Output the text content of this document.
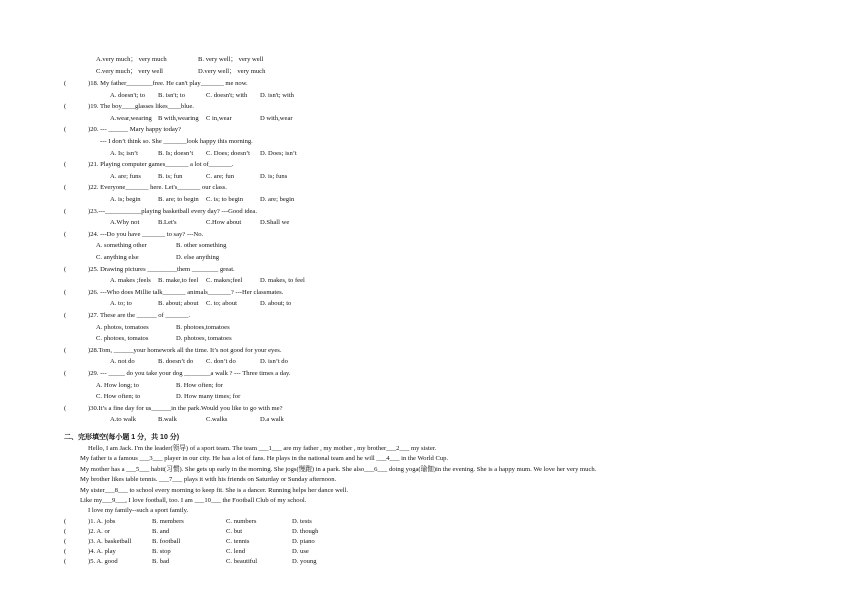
A.very much； very much	B. very well； very well
C.very much； very well	D.very well； very much
(	)18. My father________free. He can't play_______ me now.
A. doesn't; to B. isn't; to	C. doesn't; with D. isn't; with
(	)19. The boy____glasses likes____blue.
A.wear,wearing B with,wearing C in,wear	D with,wear
(	)20. --- ______ Mary happy today?
--- I don’t think so. She _______look happy this morning.
A. Is; isn’t	B. Is; doesn’t C. Does; doesn’t D. Does; isn’t
(	)21. Playing computer games_______ a lot of_______.
A. are; funs	B. is; fun	C. are; fun	D. is; funs
(	)22. Everyone_______ here. Let's_______ our class.
A. is; begin	B. are; to begin C. is; to begin	D. are; begin
(	)23.---___________playing basketball every day? ---Good idea.
A.Why not	B.Let's	C.How about	D.Shall we
(	)24. ---Do you have _______ to say? ---No.
A. something other	B. other something
C. anything else	D. else anything
(	)25. Drawing pictures _________them ________ great.
A. makes ;feels B. make,to feel C. makes;feel	D. makes, to feel
(	)26. ---Who does Millie talk_______ animals_______? ---Her classmates.
A. to; to	B. about; about C. to; about	D. about; to
(	)27. These are the ______ of _______.
A. photos, tomatoes	B. photoes,tomatoes
C. photoes, tomatos	D. photoes, tomatoes
(	)28.Tom, ______your homework all the time. It’s not good for your eyes.
A. not do	B. doesn’t do C. don’t do	D. isn’t do
(	)29. --- _____ do you take your dog ________a walk ? --- Three times a day.
A. How long; to	B. How often; for
C. How often; to	D. How many times; for
(	)30.It’s a fine day for us______in the park.Would you like to go with me?
A.to walk	B.walk	C.walks	D.a walk
二、完形填空(每小题 1 分，共 10 分)
Hello, I am Jack. I'm the leader(领导) of a sport team. The team ___1___ are my father , my mother , my brother___2___ my sister.
My father is a famous ___3___ player in our city. He has a lot of fans. He plays in the national team and he will ___4___ in the World Cup.
My mother has a ___5___ habit(习惯). She gets up early in the morning. She jogs(慢跑) in a park. She also___6___ doing yoga(瑜伽)in the evening. She is a happy mum. We love her very much.
My brother likes table tennis. ___7___ plays it with his friends on Saturday or Sunday afternoon.
My sister___8___ to school every morning to keep fit. She is a dancer. Running helps her dance well.
Like my___9___, I love football, too. I am ___10___ the Football Club of my school.
I love my family--such a sport family.
(	)1. A. jobs	B. members	C. numbers	D. tests
(	)2. A. or	B. and	C. but	D. though
(	)3. A. basketball	B. football	C. tennis	D. piano
(	)4. A. play	B. stop	C. lend	D. use
(	)5. A. good	B. bad	C. beautiful	D. young
